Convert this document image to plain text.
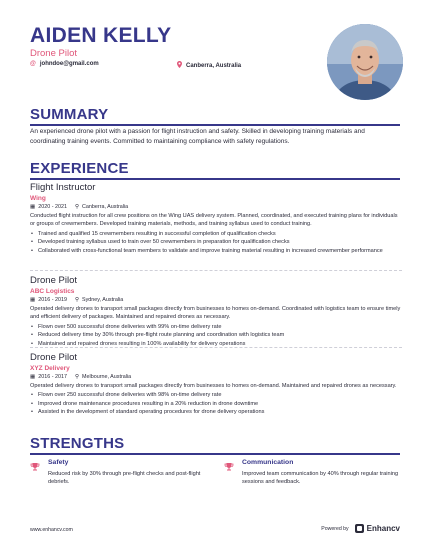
AIDEN KELLY
Drone Pilot
@ johndoe@gmail.com	Canberra, Australia
SUMMARY
An experienced drone pilot with a passion for flight instruction and safety. Skilled in developing training materials and coordinating training events. Committed to maintaining compliance with safety regulations.
EXPERIENCE
Flight Instructor
Wing
▦ 2020 - 2021 ⚲ Canberra, Australia
Conducted flight instruction for all crew positions on the Wing UAS delivery system. Planned, coordinated, and executed training plans for individuals or groups of crewmembers. Developed training materials, methods, and training syllabus used to conduct training.
• Trained and qualified 15 crewmembers resulting in successful completion of qualification checks
• Developed training syllabus used to train over 50 crewmembers in preparation for qualification checks
• Collaborated with cross-functional team members to validate and improve training material resulting in increased crewmember performance
Drone Pilot
ABC Logistics
▦ 2016 - 2019 ⚲ Sydney, Australia
Operated delivery drones to transport small packages directly from businesses to homes on-demand. Coordinated with logistics team to ensure timely and efficient delivery of packages. Maintained and repaired drones as necessary.
• Flown over 500 successful drone deliveries with 99% on-time delivery rate
• Reduced delivery time by 30% through pre-flight route planning and coordination with logistics team
• Maintained and repaired drones resulting in 100% availability for delivery operations
Drone Pilot
XYZ Delivery
▦ 2016 - 2017 ⚲ Melbourne, Australia
Operated delivery drones to transport small packages directly from businesses to homes on-demand. Maintained and repaired drones as necessary.
• Flown over 250 successful drone deliveries with 98% on-time delivery rate
• Improved drone maintenance procedures resulting in a 20% reduction in drone downtime
• Assisted in the development of standard operating procedures for drone delivery operations
STRENGTHS
Safety
Reduced risk by 30% through pre-flight checks and post-flight debriefs.
Communication
Improved team communication by 40% through regular training sessions and feedback.
www.enhancv.com	Powered by Enhancv
